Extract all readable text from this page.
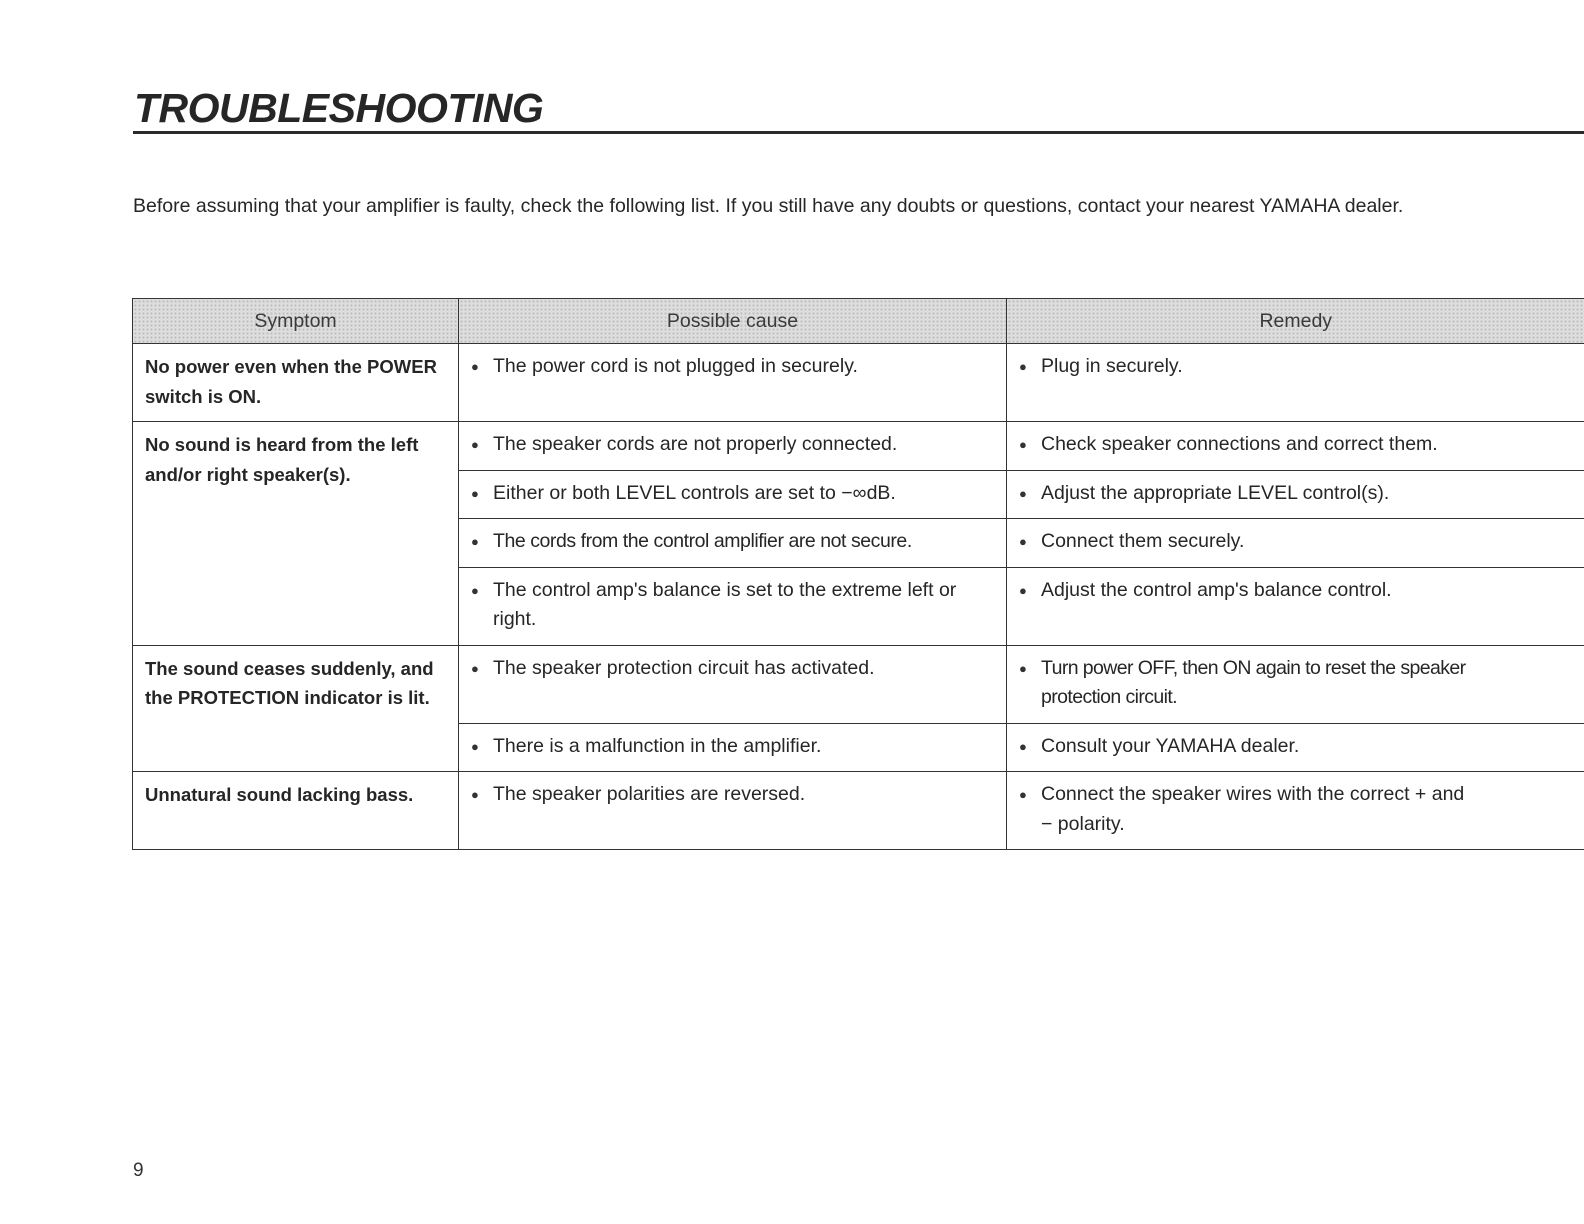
TROUBLESHOOTING

Before assuming that your amplifier is faulty, check the following list. If you still have any doubts or questions, contact your nearest YAMAHA dealer.

Symptom	Possible cause	Remedy
No power even when the POWER switch is ON.	● The power cord is not plugged in securely.	● Plug in securely.

No sound is heard from the left and/or right speaker(s).	● The speaker cords are not properly connected.	● Check speaker connections and correct them.

	● Either or both LEVEL controls are set to −∞dB.	● Adjust the appropriate LEVEL control(s).

	● The cords from the control amplifier are not secure.	● Connect them securely.

	● The control amp's balance is set to the extreme left or right.	● Adjust the control amp's balance control.

The sound ceases suddenly, and the PROTECTION indicator is lit.	● The speaker protection circuit has activated.	● Turn power OFF, then ON again to reset the speaker
protection circuit.

	● There is a malfunction in the amplifier.	● Consult your YAMAHA dealer.

Unnatural sound lacking bass.	● The speaker polarities are reversed.	● Connect the speaker wires with the correct + and
− polarity.
9
